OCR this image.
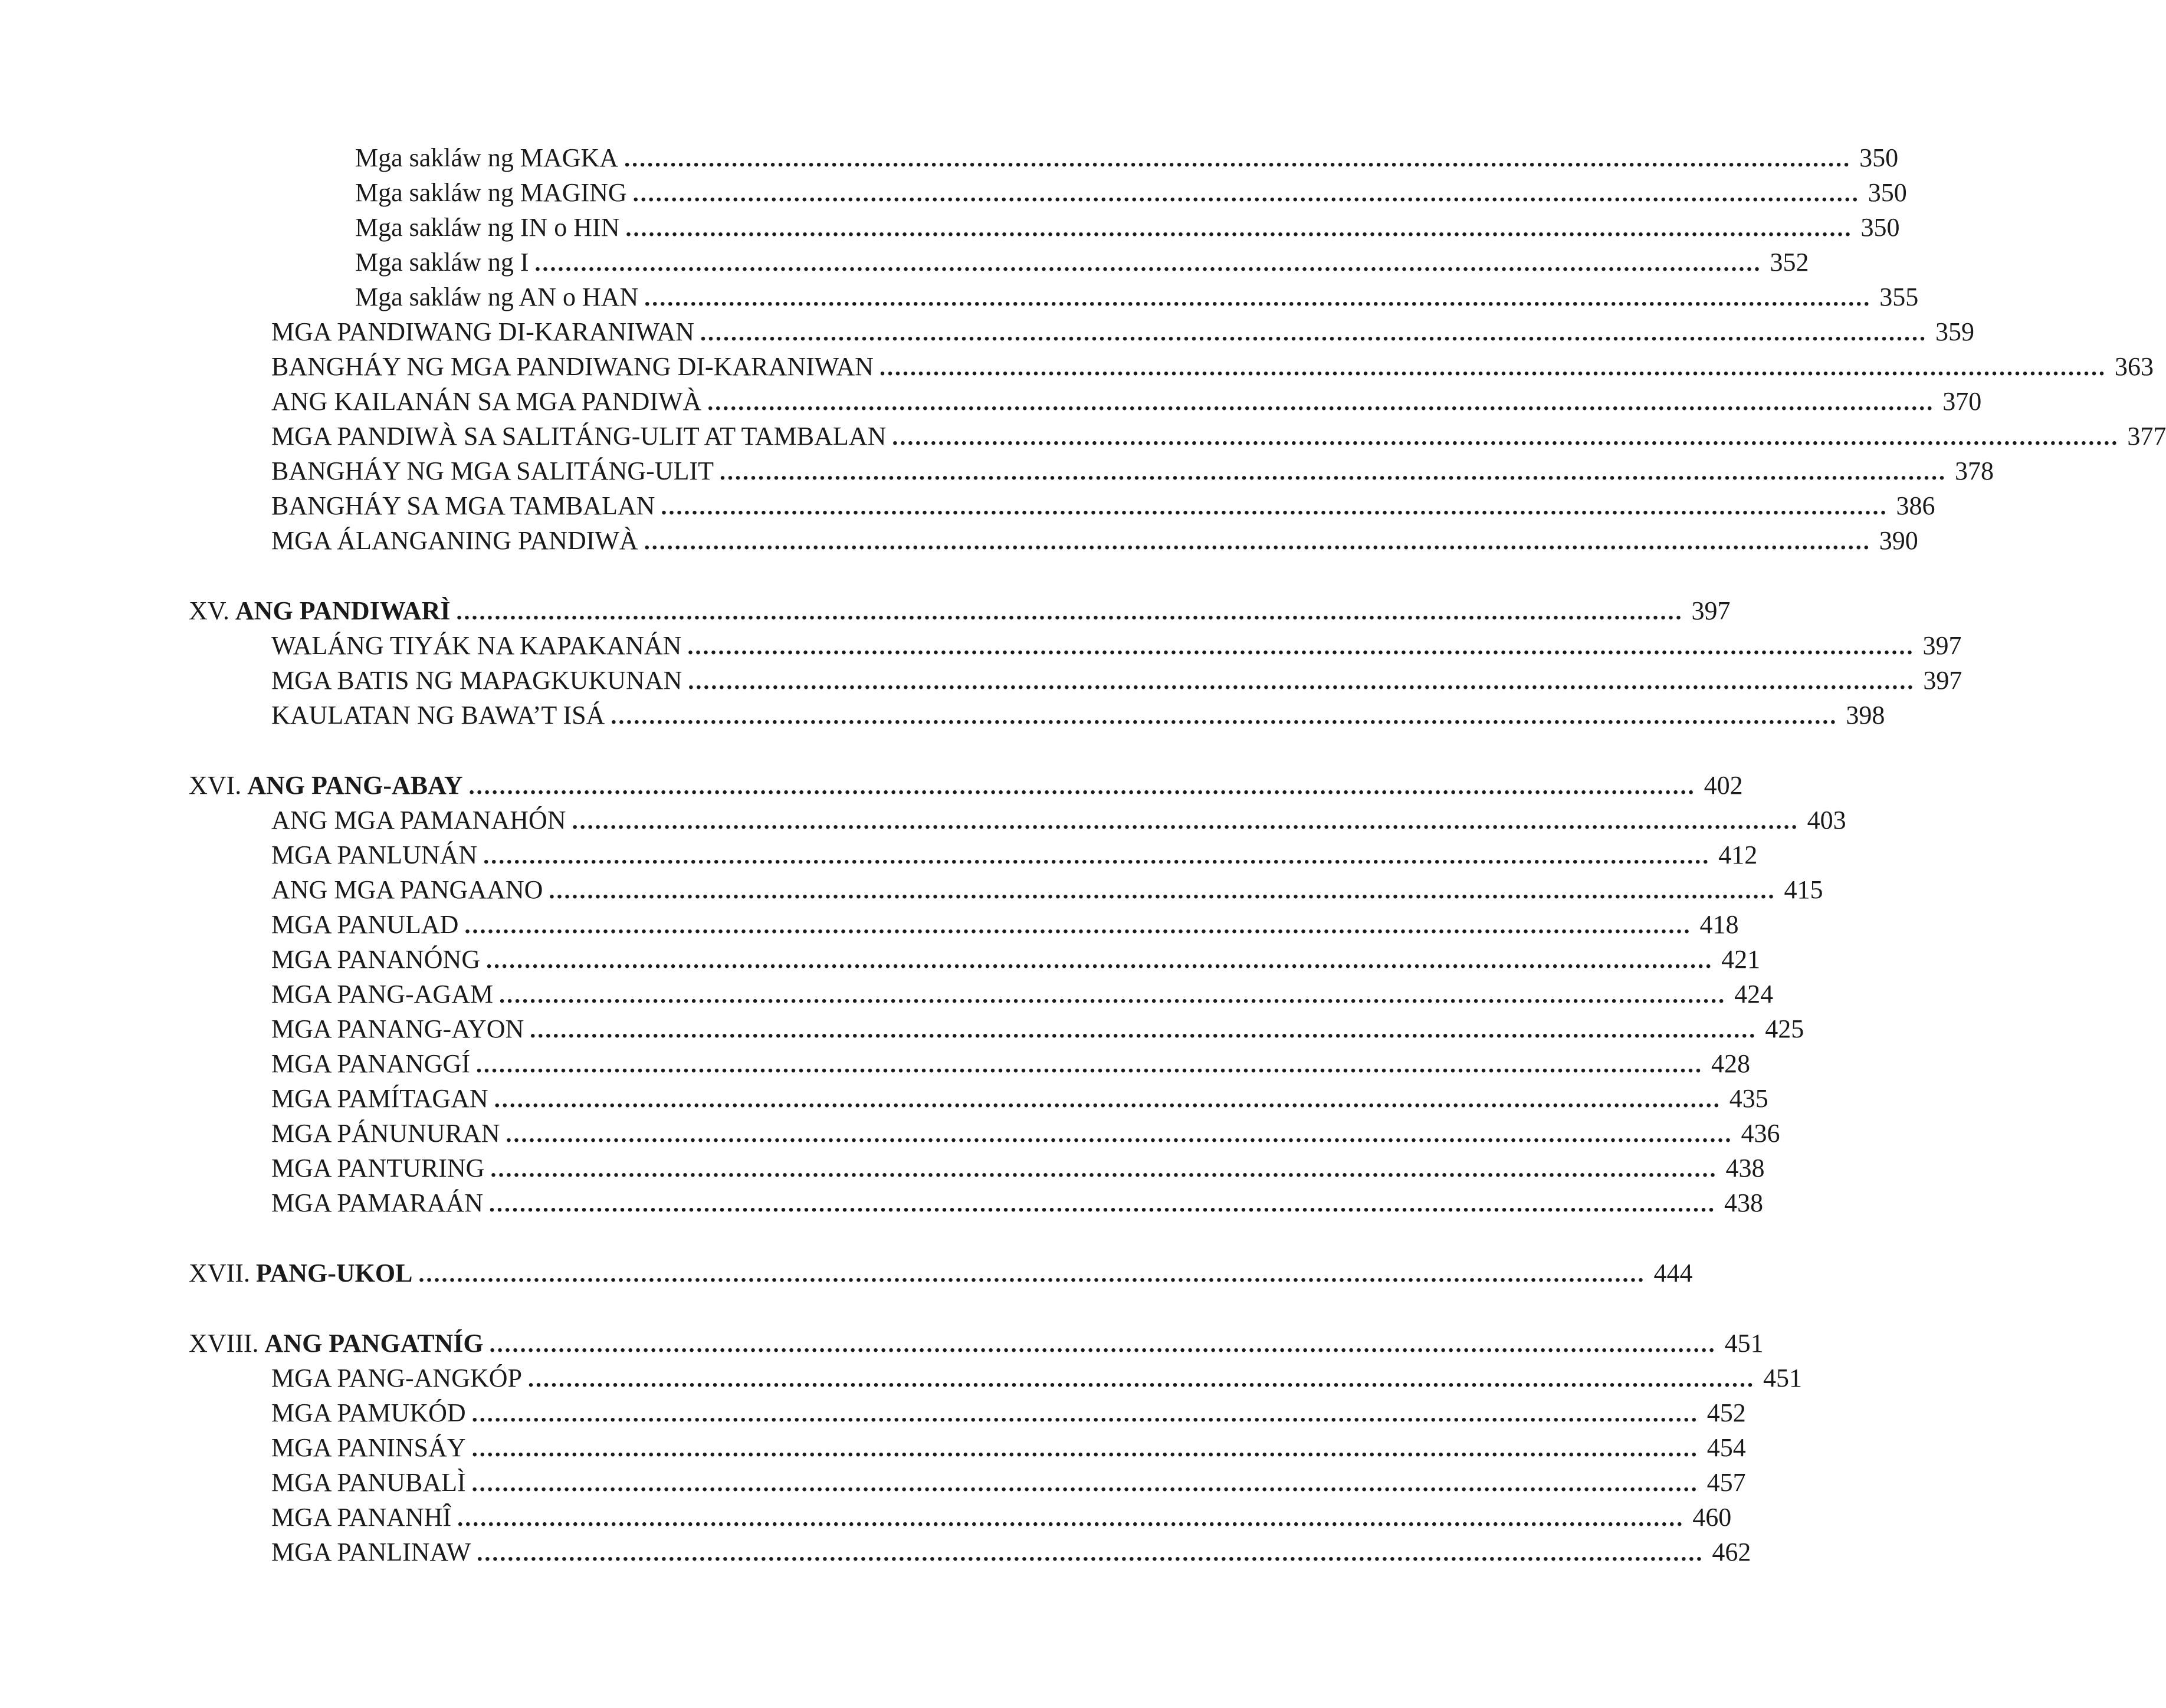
Mga sakláw ng MAGKA ................................................................................................................................................................ 350
Mga sakláw ng MAGING ................................................................................................................................................................ 350
Mga sakláw ng IN o HIN ................................................................................................................................................................ 350
Mga sakláw ng I ................................................................................................................................................................ 352
Mga sakláw ng AN o HAN ................................................................................................................................................................ 355
MGA PANDIWANG DI-KARANIWAN ................................................................................................................................................................ 359
BANGHÁY NG MGA PANDIWANG DI-KARANIWAN ................................................................................................................................................................ 363
ANG KAILANÁN SA MGA PANDIWÀ ................................................................................................................................................................ 370
MGA PANDIWÀ SA SALITÁNG-ULIT AT TAMBALAN ................................................................................................................................................................ 377
BANGHÁY NG MGA SALITÁNG-ULIT ................................................................................................................................................................ 378
BANGHÁY SA MGA TAMBALAN ................................................................................................................................................................ 386
MGA ÁLANGANING PANDIWÀ ................................................................................................................................................................ 390
XV. ANG PANDIWARÌ ................................................................................................................................................................ 397
WALÁNG TIYÁK NA KAPAKANÁN ................................................................................................................................................................ 397
MGA BATIS NG MAPAGKUKUNAN ................................................................................................................................................................ 397
KAULATAN NG BAWA’T ISÁ ................................................................................................................................................................ 398
XVI. ANG PANG-ABAY ................................................................................................................................................................ 402
ANG MGA PAMANAHÓN ................................................................................................................................................................ 403
MGA PANLUNÁN ................................................................................................................................................................ 412
ANG MGA PANGAANO ................................................................................................................................................................ 415
MGA PANULAD ................................................................................................................................................................ 418
MGA PANANÓNG ................................................................................................................................................................ 421
MGA PANG-AGAM ................................................................................................................................................................ 424
MGA PANANG-AYON ................................................................................................................................................................ 425
MGA PANANGGÍ ................................................................................................................................................................ 428
MGA PAMÍTAGAN ................................................................................................................................................................ 435
MGA PÁNUNURAN ................................................................................................................................................................ 436
MGA PANTURING ................................................................................................................................................................ 438
MGA PAMARAÁN ................................................................................................................................................................ 438
XVII. PANG-UKOL ................................................................................................................................................................ 444
XVIII. ANG PANGATNÍG ................................................................................................................................................................ 451
MGA PANG-ANGKÓP ................................................................................................................................................................ 451
MGA PAMUKÓD ................................................................................................................................................................ 452
MGA PANINSÁY ................................................................................................................................................................ 454
MGA PANUBALÌ ................................................................................................................................................................ 457
MGA PANANHÎ ................................................................................................................................................................ 460
MGA PANLINAW ................................................................................................................................................................ 462
